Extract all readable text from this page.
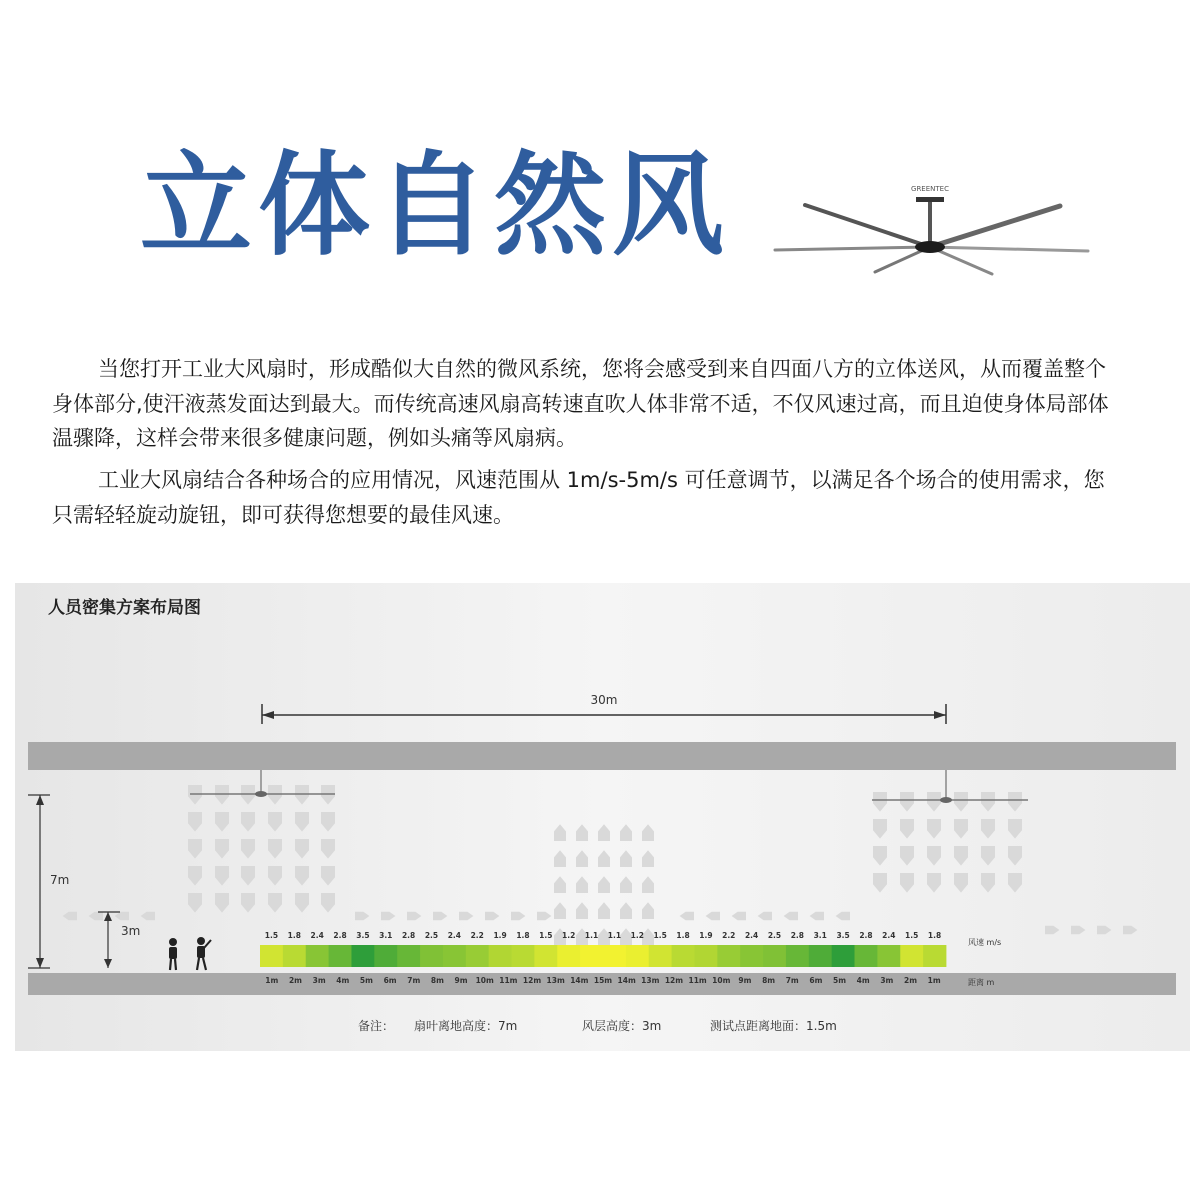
立体自然风	GREENTEC

当您打开工业大风扇时，形成酷似大自然的微风系统，您将会感受到来自四面八方的立体送风，从而覆盖整个身体部分,使汗液蒸发面达到最大。而传统高速风扇高转速直吹人体非常不适，不仅风速过高，而且迫使身体局部体温骤降，这样会带来很多健康问题，例如头痛等风扇病。

工业大风扇结合各种场合的应用情况，风速范围从 1m/s-5m/s 可任意调节，以满足各个场合的使用需求，您只需轻轻旋动旋钮，即可获得您想要的最佳风速。

人员密集方案布局图
30m
7m
3m	1.5 1.8 2.4 2.8 3.5 3.1 2.8 2.5 2.4 2.2 1.9 1.8 1.5 1.2 1.1 1.1 1.2 1.5 1.8 1.9 2.2 2.4 2.5 2.8 3.1 3.5 2.8 2.4 1.5 1.8
1m 2m 3m 4m 5m 6m 7m 8m 9m 10m 11m 12m 13m 14m 15m 14m 13m 12m 11m 10m 9m 8m 7m 6m 5m 4m 3m 2m 1m
风速 m/s
距离 m
备注： 扇叶离地高度：7m	风层高度：3m	测试点距离地面：1.5m
